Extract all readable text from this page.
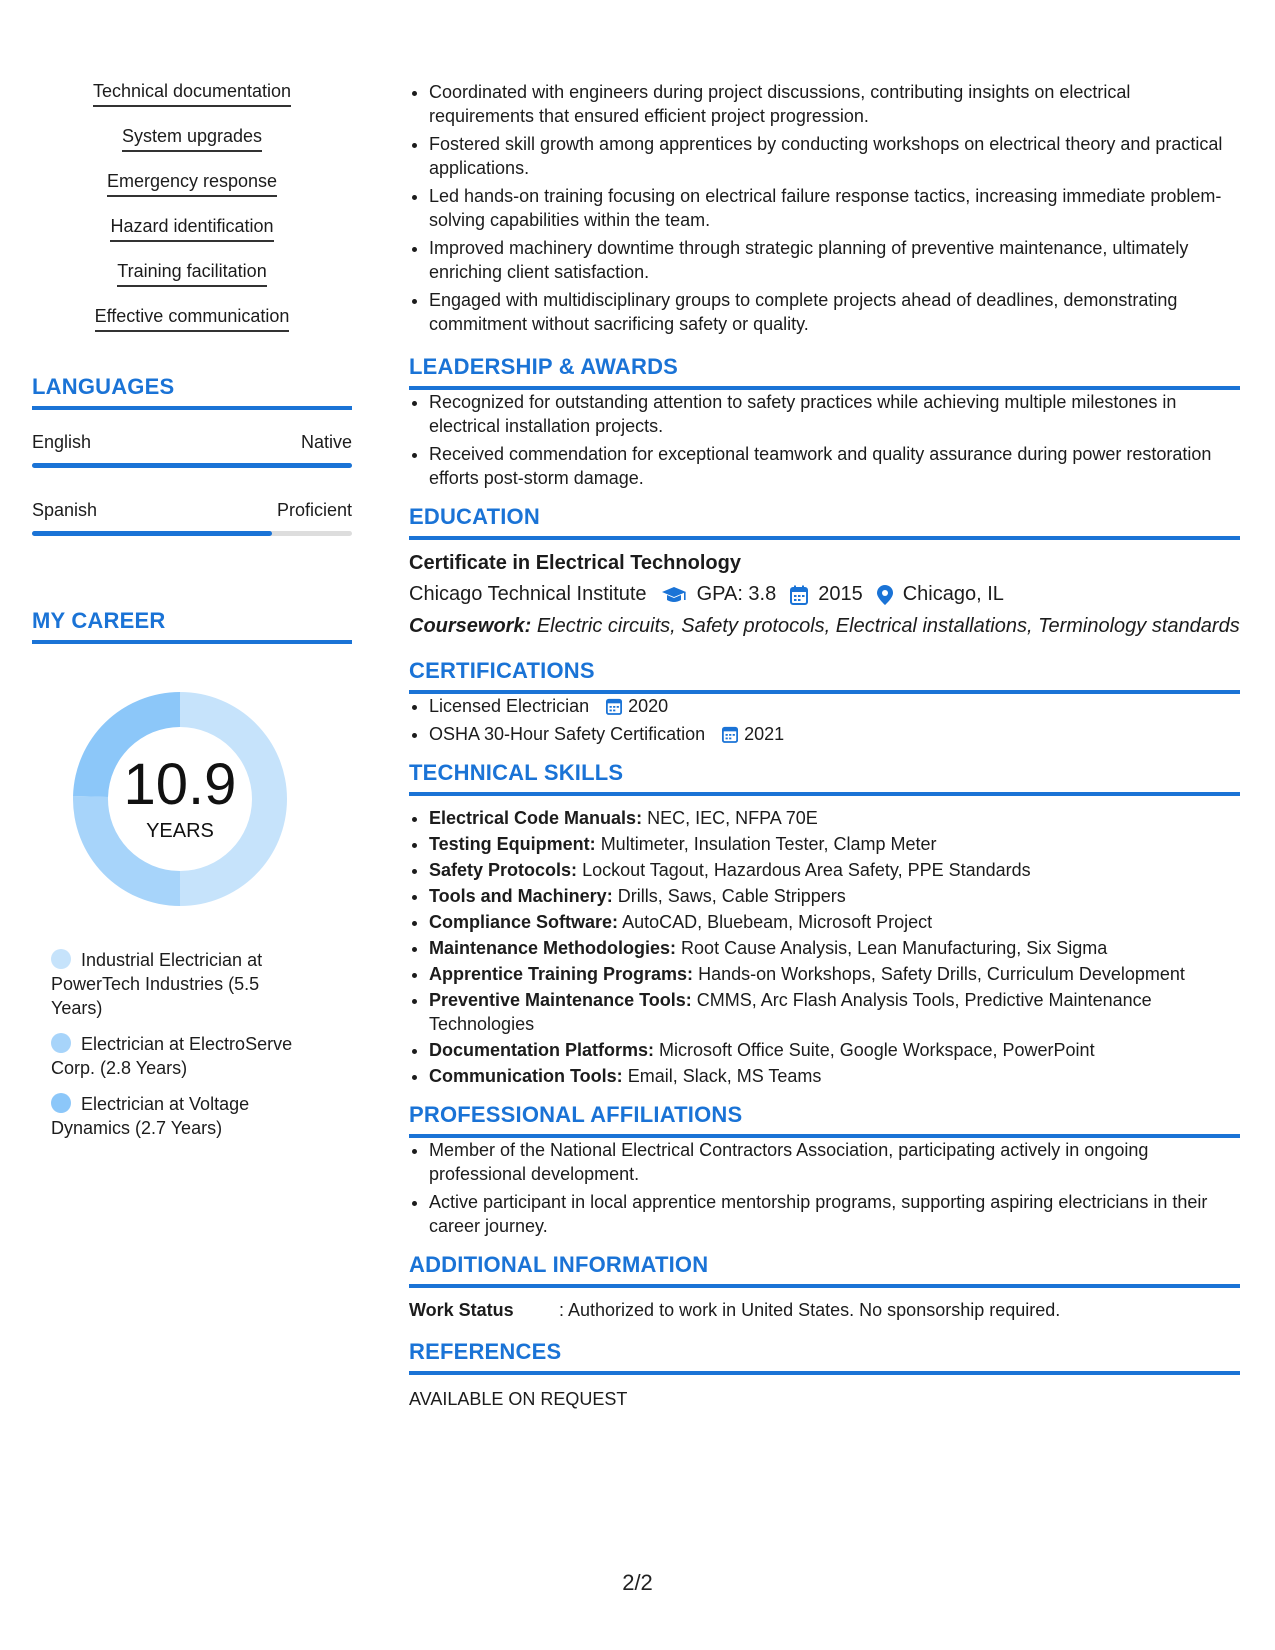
Technical documentation
System upgrades
Emergency response
Hazard identification
Training facilitation
Effective communication
LANGUAGES
English	Native
Spanish	Proficient
MY CAREER
10.9
YEARS
Industrial Electrician at PowerTech Industries (5.5 Years)
Electrician at ElectroServe Corp. (2.8 Years)
Electrician at Voltage Dynamics (2.7 Years)
• Coordinated with engineers during project discussions, contributing insights on electrical requirements that ensured efficient project progression.
• Fostered skill growth among apprentices by conducting workshops on electrical theory and practical applications.
• Led hands-on training focusing on electrical failure response tactics, increasing immediate problem-solving capabilities within the team.
• Improved machinery downtime through strategic planning of preventive maintenance, ultimately enriching client satisfaction.
• Engaged with multidisciplinary groups to complete projects ahead of deadlines, demonstrating commitment without sacrificing safety or quality.
LEADERSHIP & AWARDS
• Recognized for outstanding attention to safety practices while achieving multiple milestones in electrical installation projects.
• Received commendation for exceptional teamwork and quality assurance during power restoration efforts post-storm damage.
EDUCATION
Certificate in Electrical Technology
Chicago Technical Institute	GPA: 3.8 2015 Chicago, IL
Coursework: Electric circuits, Safety protocols, Electrical installations, Terminology standards
CERTIFICATIONS
• Licensed Electrician 2020
• OSHA 30-Hour Safety Certification 2021
TECHNICAL SKILLS
• Electrical Code Manuals: NEC, IEC, NFPA 70E
• Testing Equipment: Multimeter, Insulation Tester, Clamp Meter
• Safety Protocols: Lockout Tagout, Hazardous Area Safety, PPE Standards
• Tools and Machinery: Drills, Saws, Cable Strippers
• Compliance Software: AutoCAD, Bluebeam, Microsoft Project
• Maintenance Methodologies: Root Cause Analysis, Lean Manufacturing, Six Sigma
• Apprentice Training Programs: Hands-on Workshops, Safety Drills, Curriculum Development
• Preventive Maintenance Tools: CMMS, Arc Flash Analysis Tools, Predictive Maintenance Technologies
• Documentation Platforms: Microsoft Office Suite, Google Workspace, PowerPoint
• Communication Tools: Email, Slack, MS Teams
PROFESSIONAL AFFILIATIONS
• Member of the National Electrical Contractors Association, participating actively in ongoing professional development.
• Active participant in local apprentice mentorship programs, supporting aspiring electricians in their career journey.
ADDITIONAL INFORMATION
Work Status	: Authorized to work in United States. No sponsorship required.
REFERENCES
AVAILABLE ON REQUEST
2/2
